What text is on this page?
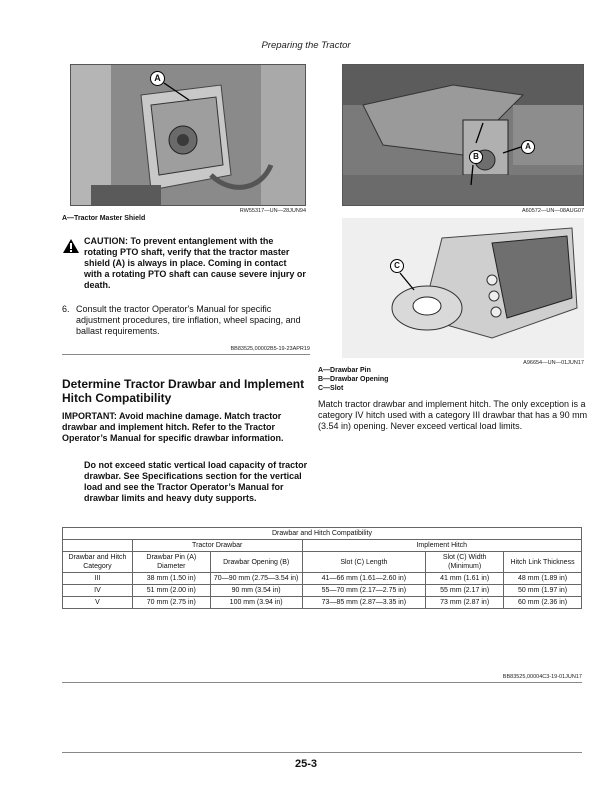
Preparing the Tractor
A
RW55317—UN—28JUN94
A—Tractor Master Shield
CAUTION: To prevent entanglement with the rotating PTO shaft, verify that the tractor master shield (A) is always in place. Coming in contact with a rotating PTO shaft can cause severe injury or death.
6. Consult the tractor Operator's Manual for specific adjustment procedures, tire inflation, wheel spacing, and ballast requirements.
BB83525,00002B5-19-23APR19
Determine Tractor Drawbar and Implement Hitch Compatibility
IMPORTANT: Avoid machine damage. Match tractor drawbar and implement hitch. Refer to the Tractor Operator’s Manual for specific drawbar information.
Do not exceed static vertical load capacity of tractor drawbar. See Specifications section for the vertical load and see the Tractor Operator’s Manual for drawbar limits and heavy duty supports.
B
A
A60572—UN—08AUG07
C
A96654—UN—01JUN17
A—Drawbar Pin
B—Drawbar Opening
C—Slot
Match tractor drawbar and implement hitch. The only exception is a category IV hitch used with a category III drawbar that has a 90 mm (3.54 in) opening. Never exceed vertical load limits.
Drawbar and Hitch Compatibility					
	Tractor Drawbar		Implement Hitch		
Drawbar and Hitch Category	Drawbar Pin (A) Diameter	Drawbar Opening (B)	Slot (C) Length	Slot (C) Width (Minimum)	Hitch Link Thickness
III	38 mm (1.50 in)	70—90 mm (2.75—3.54 in)	41—66 mm (1.61—2.60 in)	41 mm (1.61 in)	48 mm (1.89 in)
IV	51 mm (2.00 in)	90 mm (3.54 in)	55—70 mm (2.17—2.75 in)	55 mm (2.17 in)	50 mm (1.97 in)
V	70 mm (2.75 in)	100 mm (3.94 in)	73—85 mm (2.87—3.35 in)	73 mm (2.87 in)	60 mm (2.36 in)
BB83525,00004C3-19-01JUN17
25-3
